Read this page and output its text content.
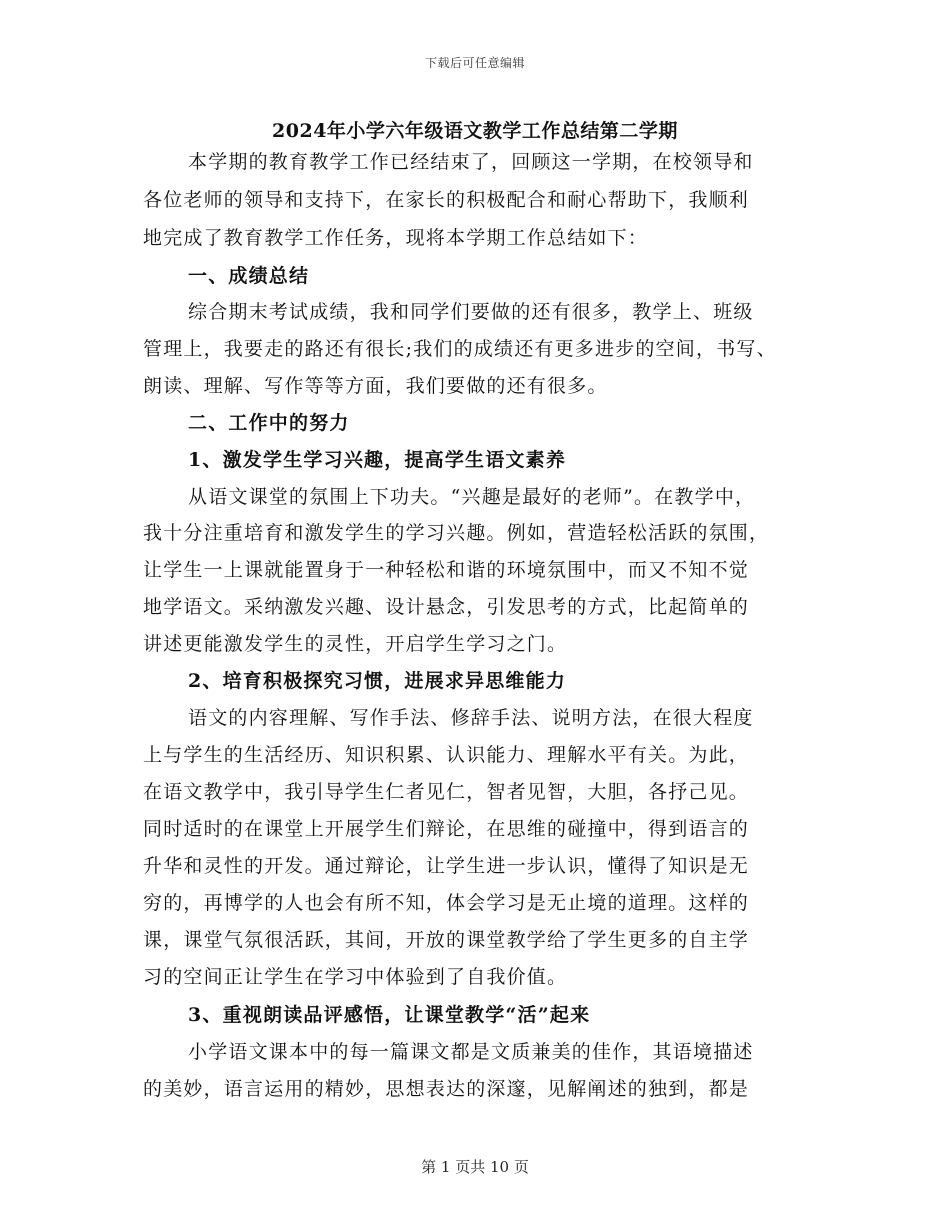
下载后可任意编辑
2024年小学六年级语文教学工作总结第二学期
本学期的教育教学工作已经结束了，回顾这一学期，在校领导和
各位老师的领导和支持下，在家长的积极配合和耐心帮助下，我顺利
地完成了教育教学工作任务，现将本学期工作总结如下：
一、成绩总结
综合期末考试成绩，我和同学们要做的还有很多，教学上、班级
管理上，我要走的路还有很长;我们的成绩还有更多进步的空间，书写、
朗读、理解、写作等等方面，我们要做的还有很多。
二、工作中的努力
1、激发学生学习兴趣，提高学生语文素养
从语文课堂的氛围上下功夫。“兴趣是最好的老师”。在教学中，
我十分注重培育和激发学生的学习兴趣。例如，营造轻松活跃的氛围，
让学生一上课就能置身于一种轻松和谐的环境氛围中，而又不知不觉
地学语文。采纳激发兴趣、设计悬念，引发思考的方式，比起简单的
讲述更能激发学生的灵性，开启学生学习之门。
2、培育积极探究习惯，进展求异思维能力
语文的内容理解、写作手法、修辞手法、说明方法，在很大程度
上与学生的生活经历、知识积累、认识能力、理解水平有关。为此，
在语文教学中，我引导学生仁者见仁，智者见智，大胆，各抒己见。
同时适时的在课堂上开展学生们辩论，在思维的碰撞中，得到语言的
升华和灵性的开发。通过辩论，让学生进一步认识，懂得了知识是无
穷的，再博学的人也会有所不知，体会学习是无止境的道理。这样的
课，课堂气氛很活跃，其间，开放的课堂教学给了学生更多的自主学
习的空间正让学生在学习中体验到了自我价值。
3、重视朗读品评感悟，让课堂教学“活”起来
小学语文课本中的每一篇课文都是文质兼美的佳作，其语境描述
的美妙，语言运用的精妙，思想表达的深邃，见解阐述的独到，都是
第 1 页共 10 页
